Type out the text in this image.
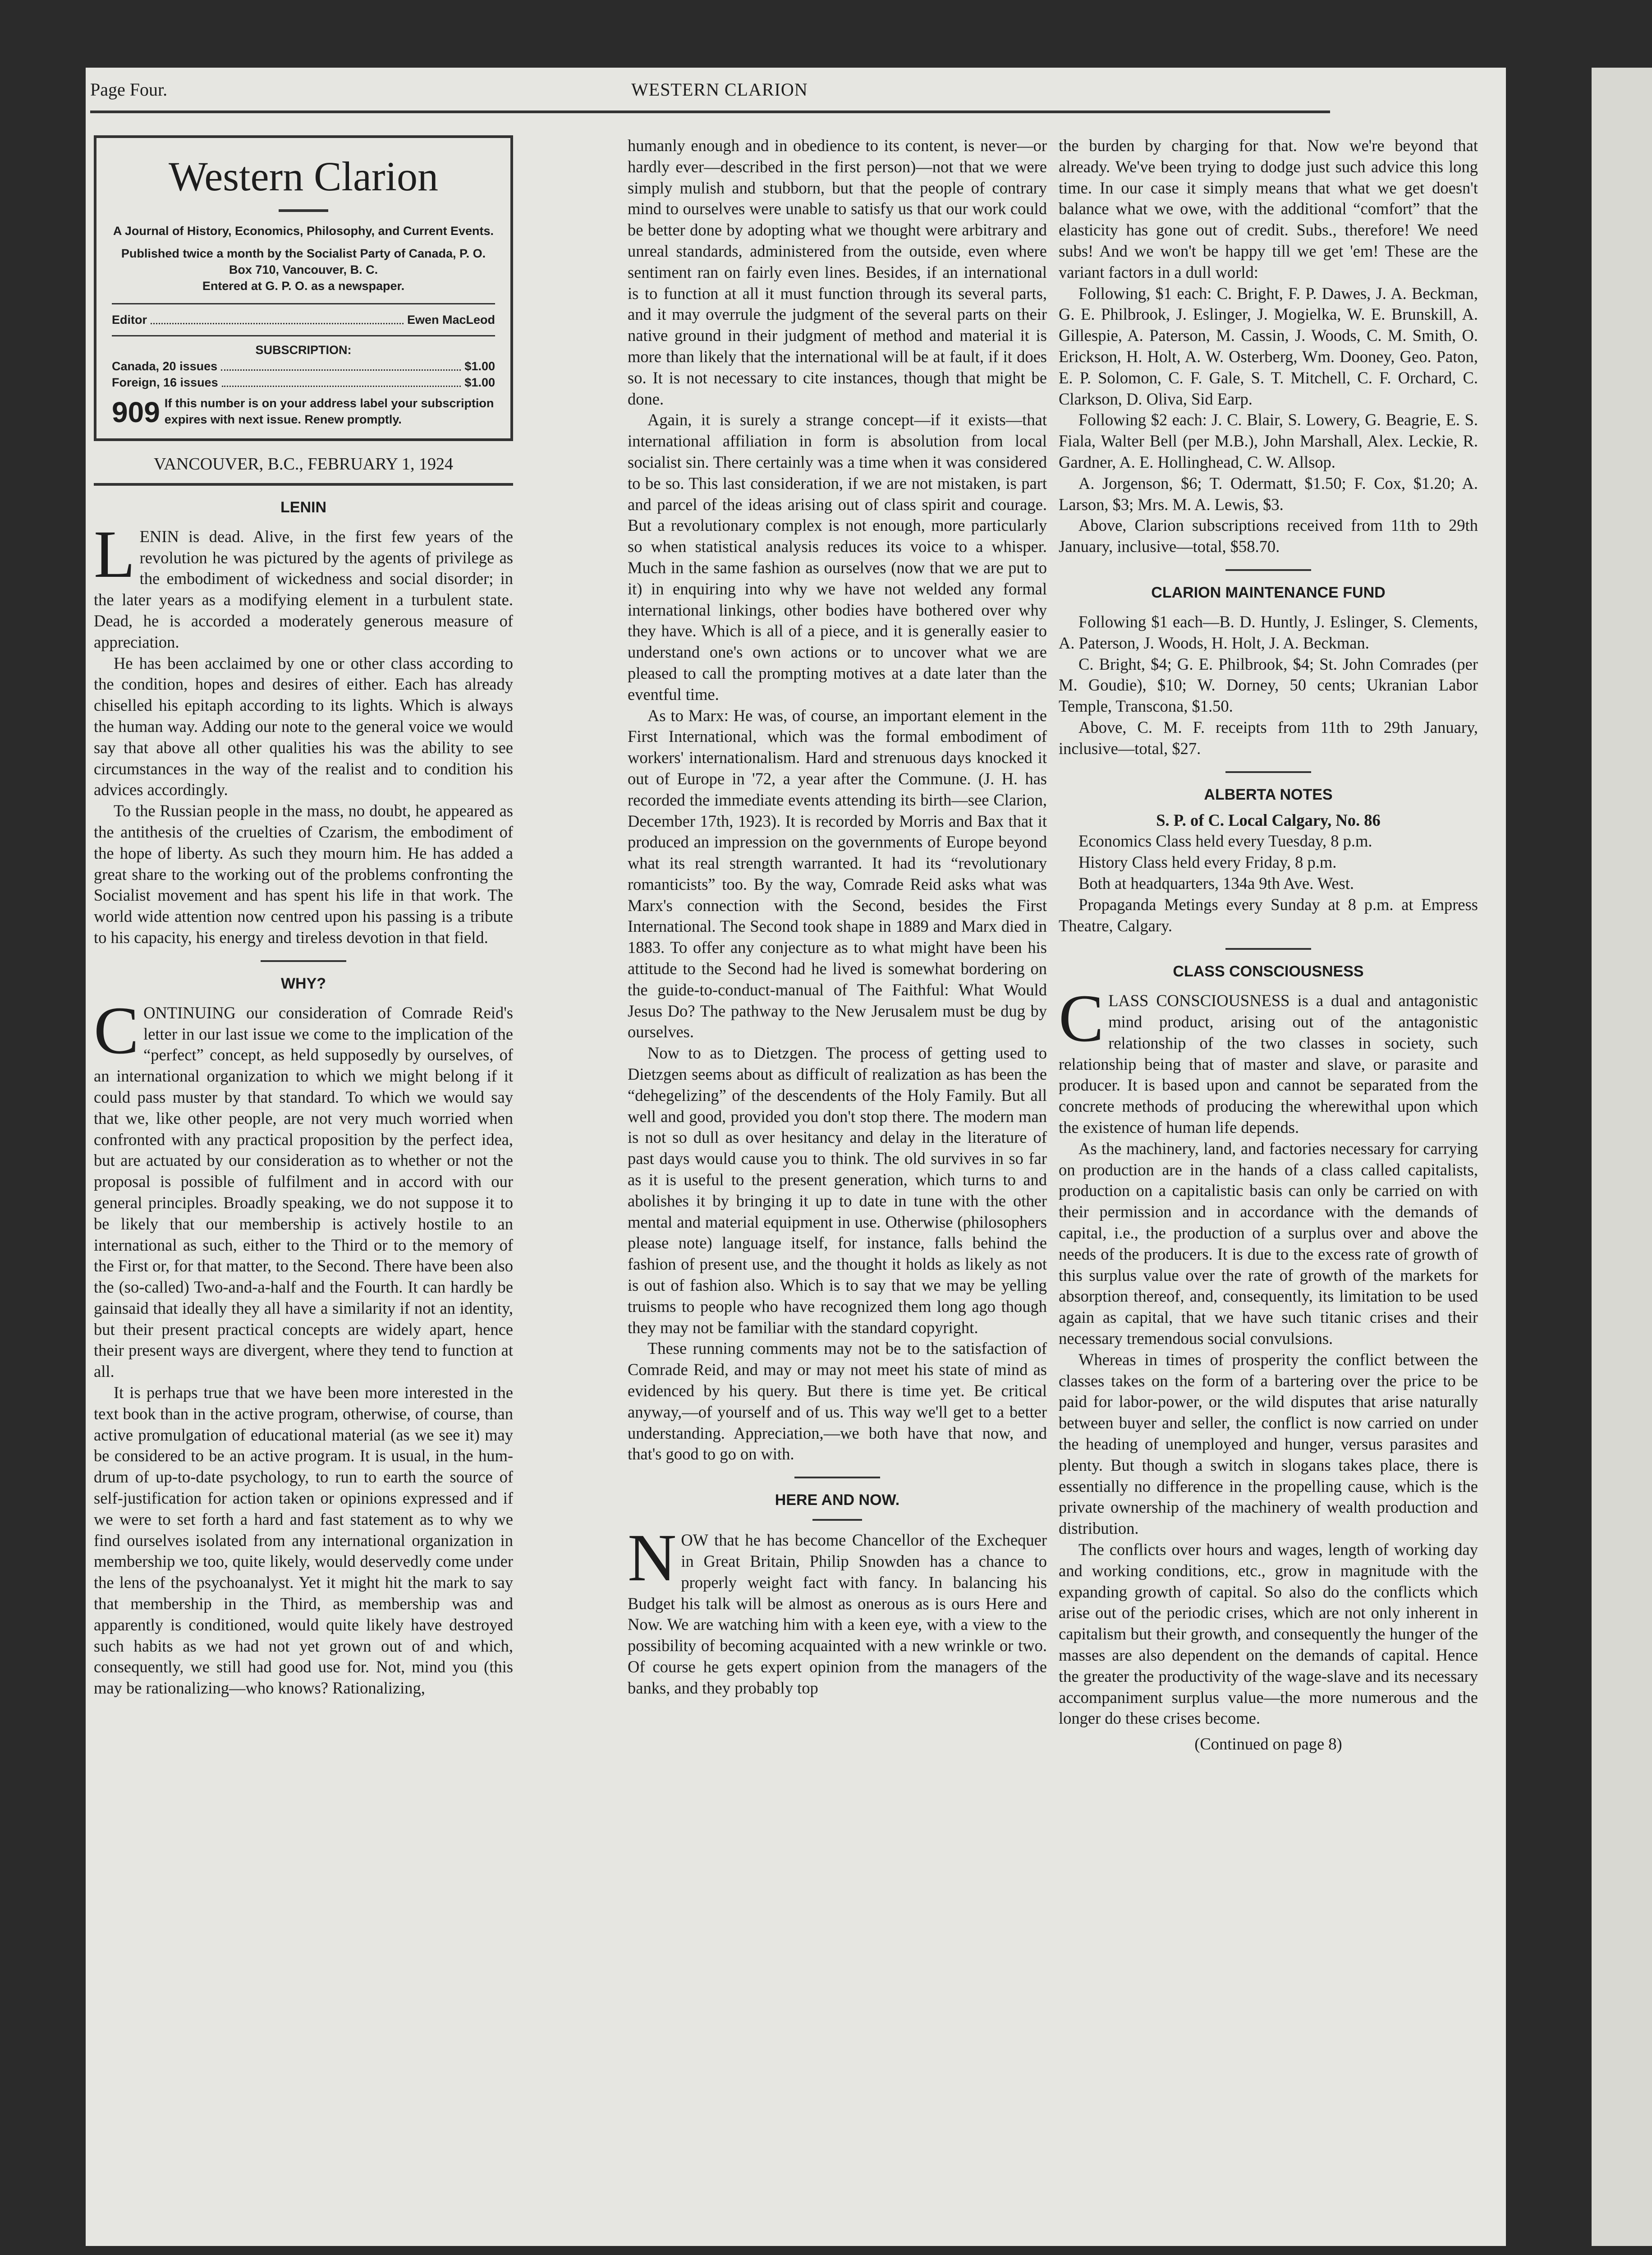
Page Four.	WESTERN CLARION
Western Clarion
A Journal of History, Economics, Philosophy, and Current Events.
Published twice a month by the Socialist Party of Canada, P. O. Box 710, Vancouver, B. C.
Entered at G. P. O. as a newspaper.
Editor	Ewen MacLeod
SUBSCRIPTION:
Canada, 20 issues	$1.00
Foreign, 16 issues	$1.00
909 If this number is on your address label your subscription expires with next issue. Renew promptly.
VANCOUVER, B.C., FEBRUARY 1, 1924
LENIN

LENIN is dead. Alive, in the first few years of the revolution he was pictured by the agents of privilege as the embodiment of wickedness and social disorder; in the later years as a modifying element in a turbulent state. Dead, he is accorded a moderately generous measure of appreciation.

He has been acclaimed by one or other class according to the condition, hopes and desires of either. Each has already chiselled his epitaph according to its lights. Which is always the human way. Adding our note to the general voice we would say that above all other qualities his was the ability to see circumstances in the way of the realist and to condition his advices accordingly.

To the Russian people in the mass, no doubt, he appeared as the antithesis of the cruelties of Czarism, the embodiment of the hope of liberty. As such they mourn him. He has added a great share to the working out of the problems confronting the Socialist movement and has spent his life in that work. The world wide attention now centred upon his passing is a tribute to his capacity, his energy and tireless devotion in that field.

WHY?

CONTINUING our consideration of Comrade Reid's letter in our last issue we come to the implication of the “perfect” concept, as held supposedly by ourselves, of an international organization to which we might belong if it could pass muster by that standard. To which we would say that we, like other people, are not very much worried when confronted with any practical proposition by the perfect idea, but are actuated by our consideration as to whether or not the proposal is possible of fulfilment and in accord with our general principles. Broadly speaking, we do not suppose it to be likely that our membership is actively hostile to an international as such, either to the Third or to the memory of the First or, for that matter, to the Second. There have been also the (so-called) Two-and-a-half and the Fourth. It can hardly be gainsaid that ideally they all have a similarity if not an identity, but their present practical concepts are widely apart, hence their present ways are divergent, where they tend to function at all.

It is perhaps true that we have been more interested in the text book than in the active program, otherwise, of course, than active promulgation of educational material (as we see it) may be considered to be an active program. It is usual, in the hum-drum of up-to-date psychology, to run to earth the source of self-justification for action taken or opinions expressed and if we were to set forth a hard and fast statement as to why we find ourselves isolated from any international organization in membership we too, quite likely, would deservedly come under the lens of the psychoanalyst. Yet it might hit the mark to say that membership in the Third, as membership was and apparently is conditioned, would quite likely have destroyed such habits as we had not yet grown out of and which, consequently, we still had good use for. Not, mind you (this may be rationalizing—who knows? Rationalizing,

humanly enough and in obedience to its content, is never—or hardly ever—described in the first person)—not that we were simply mulish and stubborn, but that the people of contrary mind to ourselves were unable to satisfy us that our work could be better done by adopting what we thought were arbitrary and unreal standards, administered from the outside, even where sentiment ran on fairly even lines. Besides, if an international is to function at all it must function through its several parts, and it may overrule the judgment of the several parts on their native ground in their judgment of method and material it is more than likely that the international will be at fault, if it does so. It is not necessary to cite instances, though that might be done.

Again, it is surely a strange concept—if it exists—that international affiliation in form is absolution from local socialist sin. There certainly was a time when it was considered to be so. This last consideration, if we are not mistaken, is part and parcel of the ideas arising out of class spirit and courage. But a revolutionary complex is not enough, more particularly so when statistical analysis reduces its voice to a whisper. Much in the same fashion as ourselves (now that we are put to it) in enquiring into why we have not welded any formal international linkings, other bodies have bothered over why they have. Which is all of a piece, and it is generally easier to understand one's own actions or to uncover what we are pleased to call the prompting motives at a date later than the eventful time.

As to Marx: He was, of course, an important element in the First International, which was the formal embodiment of workers' internationalism. Hard and strenuous days knocked it out of Europe in '72, a year after the Commune. (J. H. has recorded the immediate events attending its birth—see Clarion, December 17th, 1923). It is recorded by Morris and Bax that it produced an impression on the governments of Europe beyond what its real strength warranted. It had its “revolutionary romanticists” too. By the way, Comrade Reid asks what was Marx's connection with the Second, besides the First International. The Second took shape in 1889 and Marx died in 1883. To offer any conjecture as to what might have been his attitude to the Second had he lived is somewhat bordering on the guide-to-conduct-manual of The Faithful: What Would Jesus Do? The pathway to the New Jerusalem must be dug by ourselves.

Now to as to Dietzgen. The process of getting used to Dietzgen seems about as difficult of realization as has been the “dehegelizing” of the descendents of the Holy Family. But all well and good, provided you don't stop there. The modern man is not so dull as over hesitancy and delay in the literature of past days would cause you to think. The old survives in so far as it is useful to the present generation, which turns to and abolishes it by bringing it up to date in tune with the other mental and material equipment in use. Otherwise (philosophers please note) language itself, for instance, falls behind the fashion of present use, and the thought it holds as likely as not is out of fashion also. Which is to say that we may be yelling truisms to people who have recognized them long ago though they may not be familiar with the standard copyright.

These running comments may not be to the satisfaction of Comrade Reid, and may or may not meet his state of mind as evidenced by his query. But there is time yet. Be critical anyway,—of yourself and of us. This way we'll get to a better understanding. Appreciation,—we both have that now, and that's good to go on with.

HERE AND NOW.

NOW that he has become Chancellor of the Exchequer in Great Britain, Philip Snowden has a chance to properly weight fact with fancy. In balancing his Budget his talk will be almost as onerous as is ours Here and Now. We are watching him with a keen eye, with a view to the possibility of becoming acquainted with a new wrinkle or two. Of course he gets expert opinion from the managers of the banks, and they probably top

the burden by charging for that. Now we're beyond that already. We've been trying to dodge just such advice this long time. In our case it simply means that what we get doesn't balance what we owe, with the additional “comfort” that the elasticity has gone out of credit. Subs., therefore! We need subs! And we won't be happy till we get 'em! These are the variant factors in a dull world:

Following, $1 each: C. Bright, F. P. Dawes, J. A. Beckman, G. E. Philbrook, J. Eslinger, J. Mogielka, W. E. Brunskill, A. Gillespie, A. Paterson, M. Cassin, J. Woods, C. M. Smith, O. Erickson, H. Holt, A. W. Osterberg, Wm. Dooney, Geo. Paton, E. P. Solomon, C. F. Gale, S. T. Mitchell, C. F. Orchard, C. Clarkson, D. Oliva, Sid Earp.

Following $2 each: J. C. Blair, S. Lowery, G. Beagrie, E. S. Fiala, Walter Bell (per M.B.), John Marshall, Alex. Leckie, R. Gardner, A. E. Hollinghead, C. W. Allsop.

A. Jorgenson, $6; T. Odermatt, $1.50; F. Cox, $1.20; A. Larson, $3; Mrs. M. A. Lewis, $3.

Above, Clarion subscriptions received from 11th to 29th January, inclusive—total, $58.70.

CLARION MAINTENANCE FUND

Following $1 each—B. D. Huntly, J. Eslinger, S. Clements, A. Paterson, J. Woods, H. Holt, J. A. Beckman.

C. Bright, $4; G. E. Philbrook, $4; St. John Comrades (per M. Goudie), $10; W. Dorney, 50 cents; Ukranian Labor Temple, Transcona, $1.50.

Above, C. M. F. receipts from 11th to 29th January, inclusive—total, $27.

ALBERTA NOTES

S. P. of C. Local Calgary, No. 86

Economics Class held every Tuesday, 8 p.m.

History Class held every Friday, 8 p.m.

Both at headquarters, 134a 9th Ave. West.

Propaganda Metings every Sunday at 8 p.m. at Empress Theatre, Calgary.

CLASS CONSCIOUSNESS

CLASS CONSCIOUSNESS is a dual and antagonistic mind product, arising out of the antagonistic relationship of the two classes in society, such relationship being that of master and slave, or parasite and producer. It is based upon and cannot be separated from the concrete methods of producing the wherewithal upon which the existence of human life depends.

As the machinery, land, and factories necessary for carrying on production are in the hands of a class called capitalists, production on a capitalistic basis can only be carried on with their permission and in accordance with the demands of capital, i.e., the production of a surplus over and above the needs of the producers. It is due to the excess rate of growth of this surplus value over the rate of growth of the markets for absorption thereof, and, consequently, its limitation to be used again as capital, that we have such titanic crises and their necessary tremendous social convulsions.

Whereas in times of prosperity the conflict between the classes takes on the form of a bartering over the price to be paid for labor-power, or the wild disputes that arise naturally between buyer and seller, the conflict is now carried on under the heading of unemployed and hunger, versus parasites and plenty. But though a switch in slogans takes place, there is essentially no difference in the propelling cause, which is the private ownership of the machinery of wealth production and distribution.

The conflicts over hours and wages, length of working day and working conditions, etc., grow in magnitude with the expanding growth of capital. So also do the conflicts which arise out of the periodic crises, which are not only inherent in capitalism but their growth, and consequently the hunger of the masses are also dependent on the demands of capital. Hence the greater the productivity of the wage-slave and its necessary accompaniment surplus value—the more numerous and the longer do these crises become.

(Continued on page 8)
